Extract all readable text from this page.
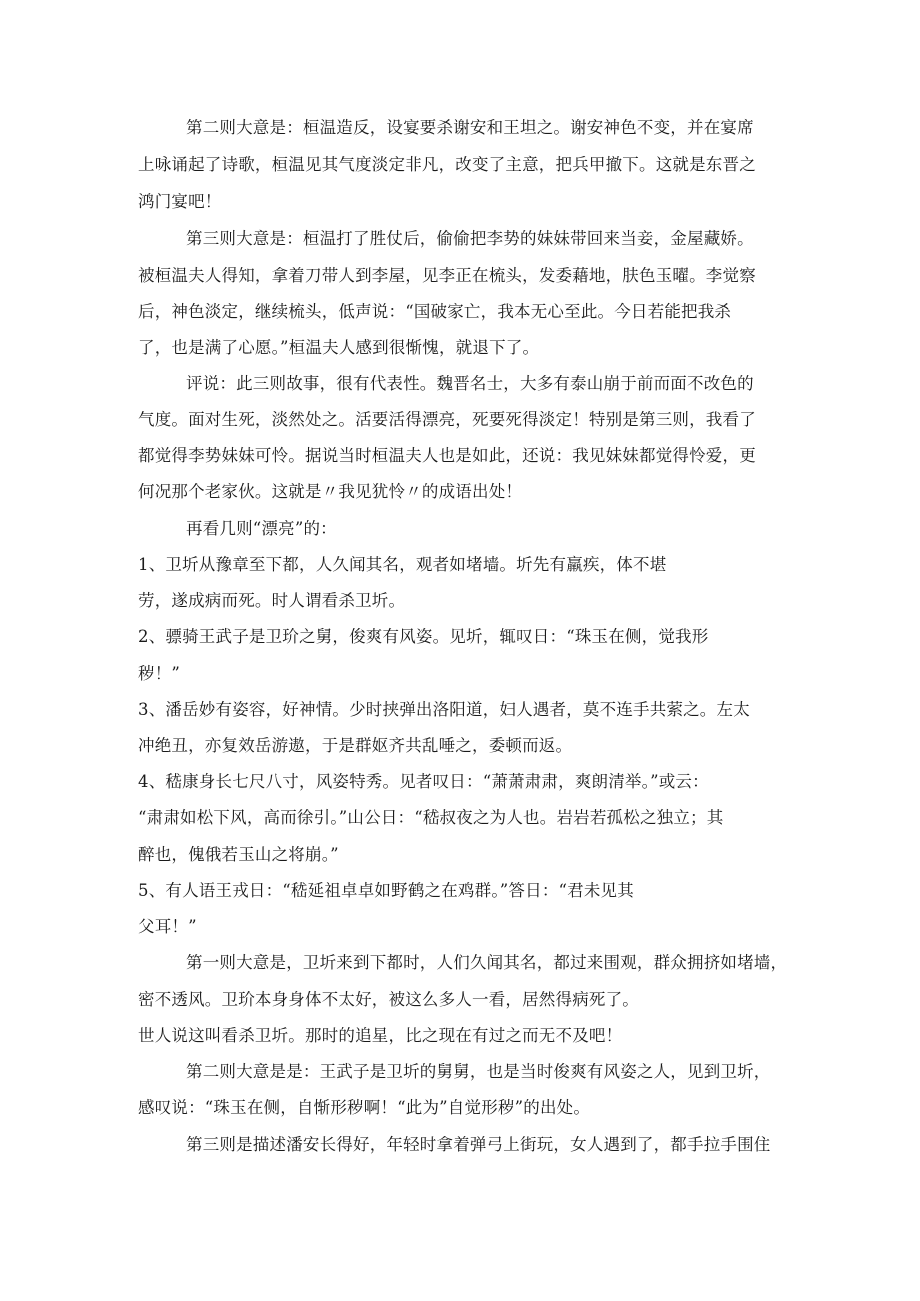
第二则大意是：桓温造反，设宴要杀谢安和王坦之。谢安神色不变，并在宴席
上咏诵起了诗歌，桓温见其气度淡定非凡，改变了主意，把兵甲撤下。这就是东晋之
鸿门宴吧！
第三则大意是：桓温打了胜仗后，偷偷把李势的妹妹带回来当妾，金屋藏娇。
被桓温夫人得知，拿着刀带人到李屋，见李正在梳头，发委藉地，肤色玉曜。李觉察
后，神色淡定，继续梳头，低声说：“国破家亡，我本无心至此。今日若能把我杀
了，也是满了心愿。”桓温夫人感到很惭愧，就退下了。
评说：此三则故事，很有代表性。魏晋名士，大多有泰山崩于前而面不改色的
气度。面对生死，淡然处之。活要活得漂亮，死要死得淡定！特别是第三则，我看了
都觉得李势妹妹可怜。据说当时桓温夫人也是如此，还说：我见妹妹都觉得怜爱，更
何况那个老家伙。这就是〃我见犹怜〃的成语出处！
再看几则“漂亮”的：
1、卫圻从豫章至下都，人久闻其名，观者如堵墙。圻先有羸疾，体不堪
劳，遂成病而死。时人谓看杀卫圻。
2、骠骑王武子是卫玠之舅，俊爽有风姿。见圻，辄叹日：“珠玉在侧，觉我形
秽！”
3、潘岳妙有姿容，好神情。少时挟弹出洛阳道，妇人遇者，莫不连手共萦之。左太
冲绝丑，亦复效岳游遨，于是群妪齐共乱唾之，委顿而返。
4、嵇康身长七尺八寸，风姿特秀。见者叹日：“萧萧肃肃，爽朗清举。”或云：
“肃肃如松下风，高而徐引。”山公日：“嵇叔夜之为人也。岩岩若孤松之独立；其
醉也，傀俄若玉山之将崩。”
5、有人语王戎日：“嵇延祖卓卓如野鹤之在鸡群。”答日：“君未见其
父耳！”
第一则大意是，卫圻来到下都时，人们久闻其名，都过来围观，群众拥挤如堵墙，
密不透风。卫玠本身身体不太好，被这么多人一看，居然得病死了。
世人说这叫看杀卫圻。那时的追星，比之现在有过之而无不及吧！
第二则大意是是：王武子是卫圻的舅舅，也是当时俊爽有风姿之人，见到卫圻，
感叹说：“珠玉在侧，自惭形秽啊！“此为”自觉形秽”的出处。
第三则是描述潘安长得好，年轻时拿着弹弓上街玩，女人遇到了，都手拉手围住
